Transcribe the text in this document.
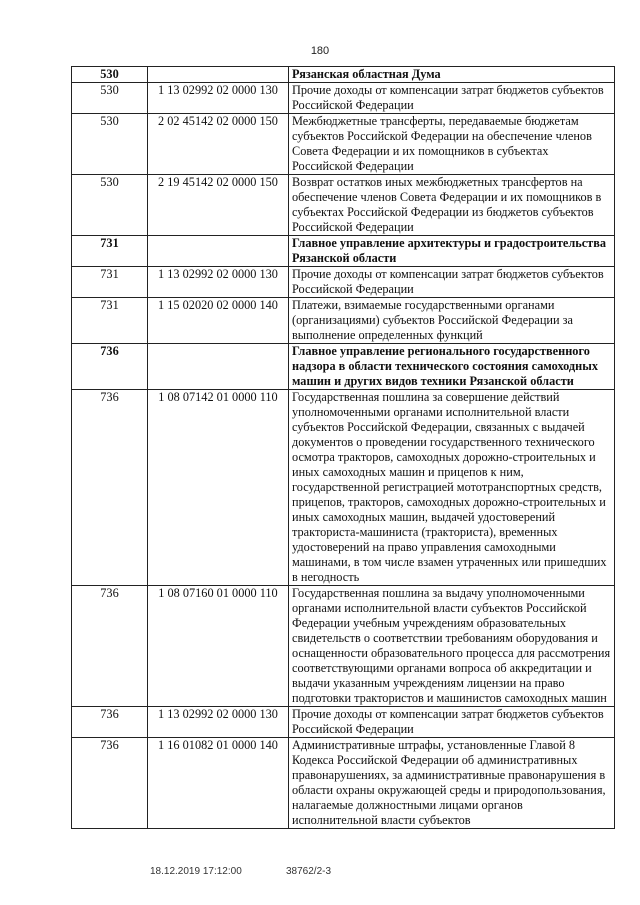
180
530		Рязанская областная Дума
530	1 13 02992 02 0000 130	Прочие доходы от компенсации затрат бюджетов субъектов Российской Федерации
530	2 02 45142 02 0000 150	Межбюджетные трансферты, передаваемые бюджетам субъектов Российской Федерации на обеспечение членов Совета Федерации и их помощников в субъектах Российской Федерации
530	2 19 45142 02 0000 150	Возврат остатков иных межбюджетных трансфертов на обеспечение членов Совета Федерации и их помощников в субъектах Российской Федерации из бюджетов субъектов Российской Федерации
731		Главное управление архитектуры и градостроительства Рязанской области
731	1 13 02992 02 0000 130	Прочие доходы от компенсации затрат бюджетов субъектов Российской Федерации
731	1 15 02020 02 0000 140	Платежи, взимаемые государственными органами (организациями) субъектов Российской Федерации за выполнение определенных функций
736		Главное управление регионального государственного надзора в области технического состояния самоходных машин и других видов техники Рязанской области
736	1 08 07142 01 0000 110	Государственная пошлина за совершение действий уполномоченными органами исполнительной власти субъектов Российской Федерации, связанных с выдачей документов о проведении государственного технического осмотра тракторов, самоходных дорожно-строительных и иных самоходных машин и прицепов к ним, государственной регистрацией мототранспортных средств, прицепов, тракторов, самоходных дорожно-строительных и иных самоходных машин, выдачей удостоверений тракториста-машиниста (тракториста), временных удостоверений на право управления самоходными машинами, в том числе взамен утраченных или пришедших в негодность
736	1 08 07160 01 0000 110	Государственная пошлина за выдачу уполномоченными органами исполнительной власти субъектов Российской Федерации учебным учреждениям образовательных свидетельств о соответствии требованиям оборудования и оснащенности образовательного процесса для рассмотрения соответствующими органами вопроса об аккредитации и выдачи указанным учреждениям лицензии на право подготовки трактористов и машинистов самоходных машин
736	1 13 02992 02 0000 130	Прочие доходы от компенсации затрат бюджетов субъектов Российской Федерации
736	1 16 01082 01 0000 140	Административные штрафы, установленные Главой 8 Кодекса Российской Федерации об административных правонарушениях, за административные правонарушения в области охраны окружающей среды и природопользования, налагаемые должностными лицами органов исполнительной власти субъектов
18.12.2019 17:12:00	38762/2-3
